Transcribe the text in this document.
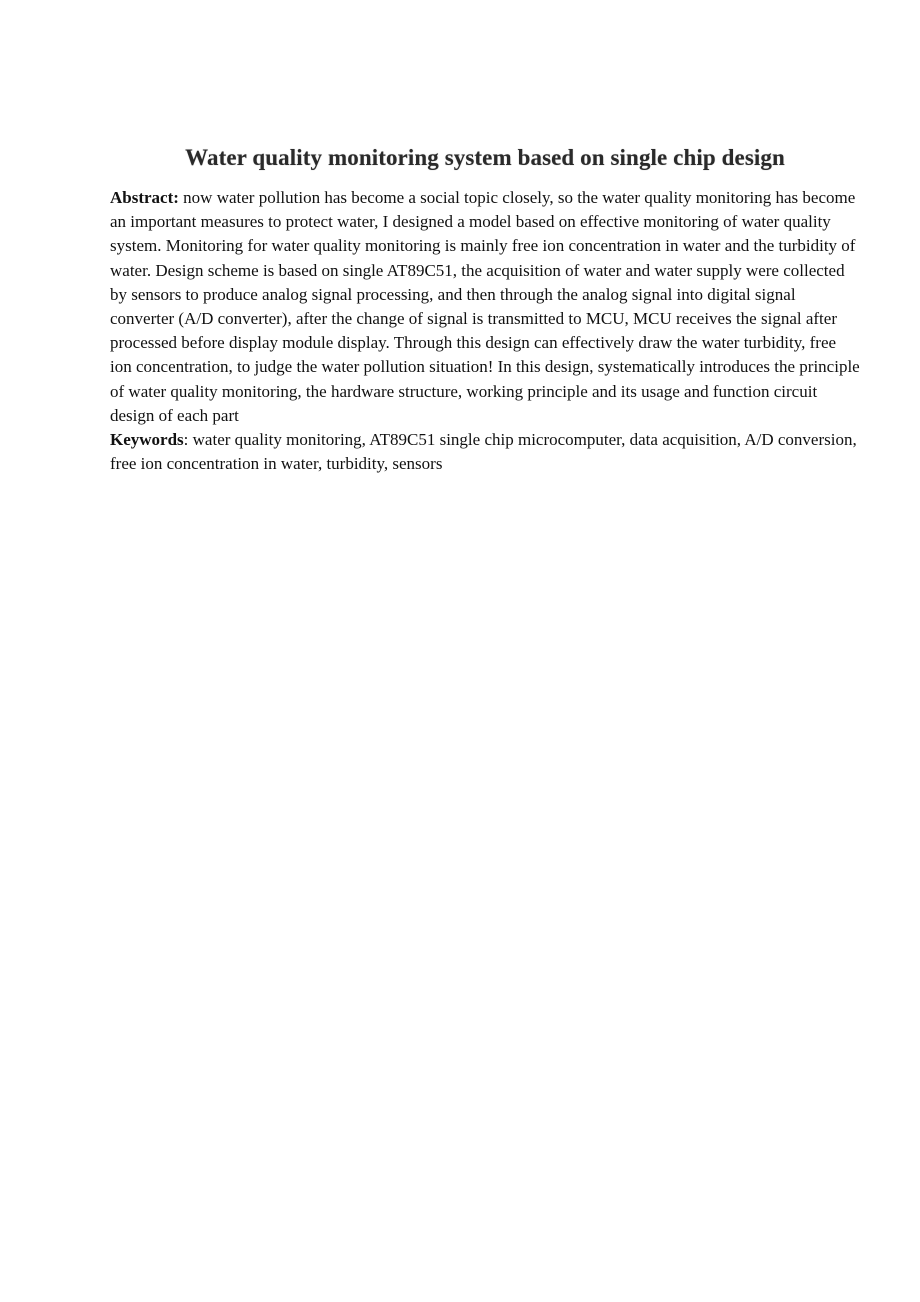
Water quality monitoring system based on single chip design

Abstract: now water pollution has become a social topic closely, so the water quality monitoring has become an important measures to protect water, I designed a model based on effective monitoring of water quality system. Monitoring for water quality monitoring is mainly free ion concentration in water and the turbidity of water. Design scheme is based on single AT89C51, the acquisition of water and water supply were collected by sensors to produce analog signal processing, and then through the analog signal into digital signal converter (A/D converter), after the change of signal is transmitted to MCU, MCU receives the signal after processed before display module display. Through this design can effectively draw the water turbidity, free ion concentration, to judge the water pollution situation! In this design, systematically introduces the principle of water quality monitoring, the hardware structure, working principle and its usage and function circuit design of each part

Keywords: water quality monitoring, AT89C51 single chip microcomputer, data acquisition, A/D conversion, free ion concentration in water, turbidity, sensors
